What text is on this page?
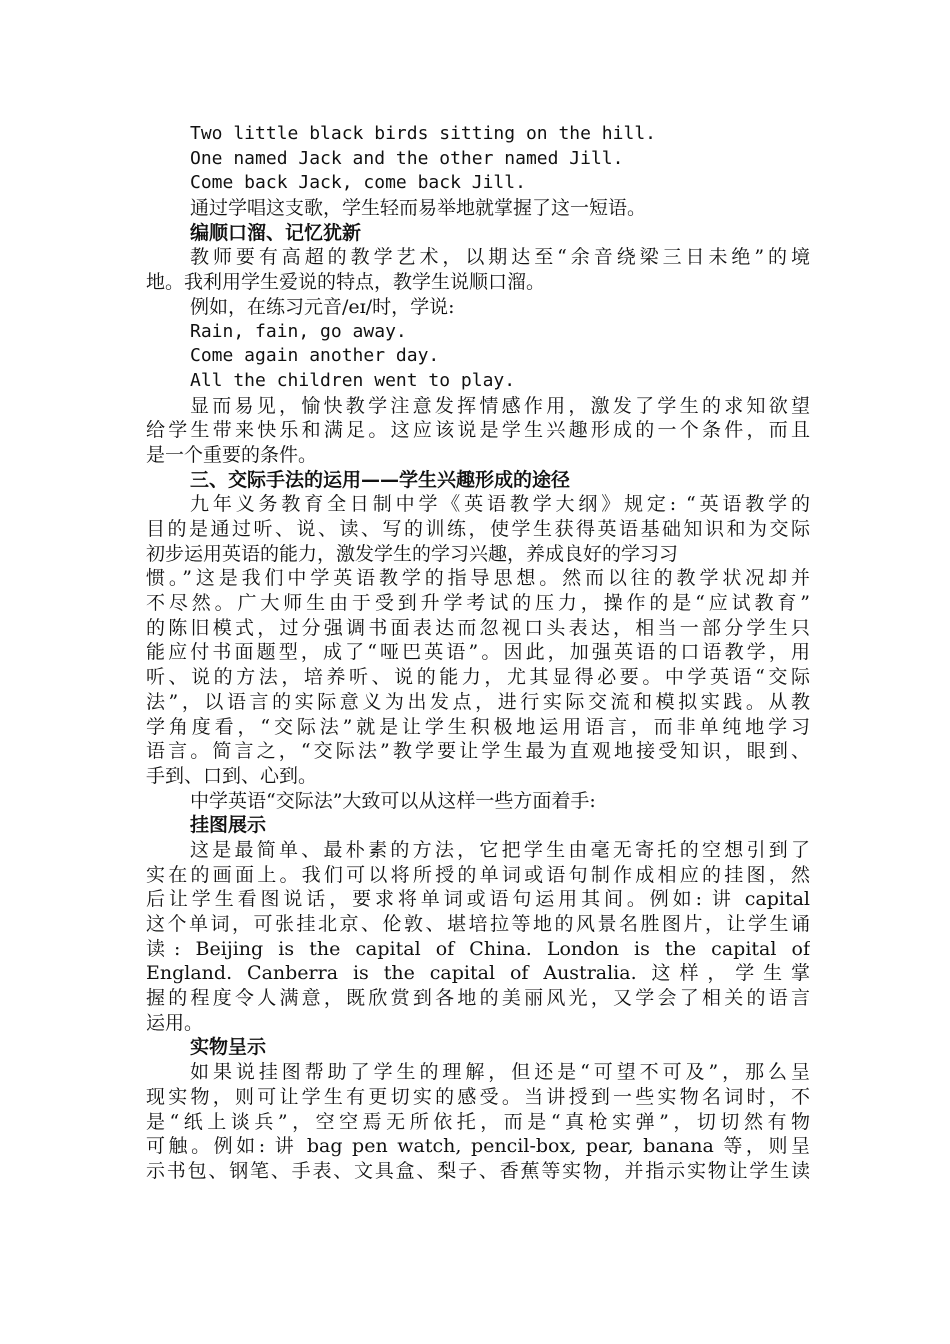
Two little black birds sitting on the hill.
One named Jack and the other named Jill.
Come back Jack, come back Jill.
通过学唱这支歌，学生轻而易举地就掌握了这一短语。
编顺口溜、记忆犹新
教师要有高超的教学艺术，以期达至“余音绕梁三日未绝”的境
地。我利用学生爱说的特点，教学生说顺口溜。
例如，在练习元音/eɪ/时，学说:
Rain, fain, go away.
Come again another day.
All the children went to play.
显而易见，愉快教学注意发挥情感作用，激发了学生的求知欲望
给学生带来快乐和满足。这应该说是学生兴趣形成的一个条件，而且
是一个重要的条件。
三、交际手法的运用——学生兴趣形成的途径
九年义务教育全日制中学《英语教学大纲》规定: “英语教学的
目的是通过听、说、读、写的训练，使学生获得英语基础知识和为交际
初步运用英语的能力，激发学生的学习兴趣，养成良好的学习习
惯。”这是我们中学英语教学的指导思想。然而以往的教学状况却并
不尽然。广大师生由于受到升学考试的压力，操作的是“应试教育”
的陈旧模式，过分强调书面表达而忽视口头表达，相当一部分学生只
能应付书面题型，成了“哑巴英语”。因此，加强英语的口语教学，用
听、说的方法，培养听、说的能力，尤其显得必要。中学英语“交际
法”，以语言的实际意义为出发点，进行实际交流和模拟实践。从教
学角度看，“交际法”就是让学生积极地运用语言，而非单纯地学习
语言。简言之，“交际法”教学要让学生最为直观地接受知识，眼到、
手到、口到、心到。
中学英语“交际法”大致可以从这样一些方面着手:
挂图展示
这是最简单、最朴素的方法，它把学生由毫无寄托的空想引到了
实在的画面上。我们可以将所授的单词或语句制作成相应的挂图，然
后让学生看图说话，要求将单词或语句运用其间。例如: 讲 capital
这个单词，可张挂北京、伦敦、堪培拉等地的风景名胜图片，让学生诵
读: Beijing is the capital of China. London is the capital of
England. Canberra is the capital of Australia. 这样，学生掌
握的程度令人满意，既欣赏到各地的美丽风光，又学会了相关的语言
运用。
实物呈示
如果说挂图帮助了学生的理解，但还是“可望不可及”，那么呈
现实物，则可让学生有更切实的感受。当讲授到一些实物名词时，不
是“纸上谈兵”，空空焉无所依托，而是“真枪实弹”，切切然有物
可触。例如: 讲 bag pen watch, pencil-box, pear, banana 等，则呈
示书包、钢笔、手表、文具盒、梨子、香蕉等实物，并指示实物让学生读
